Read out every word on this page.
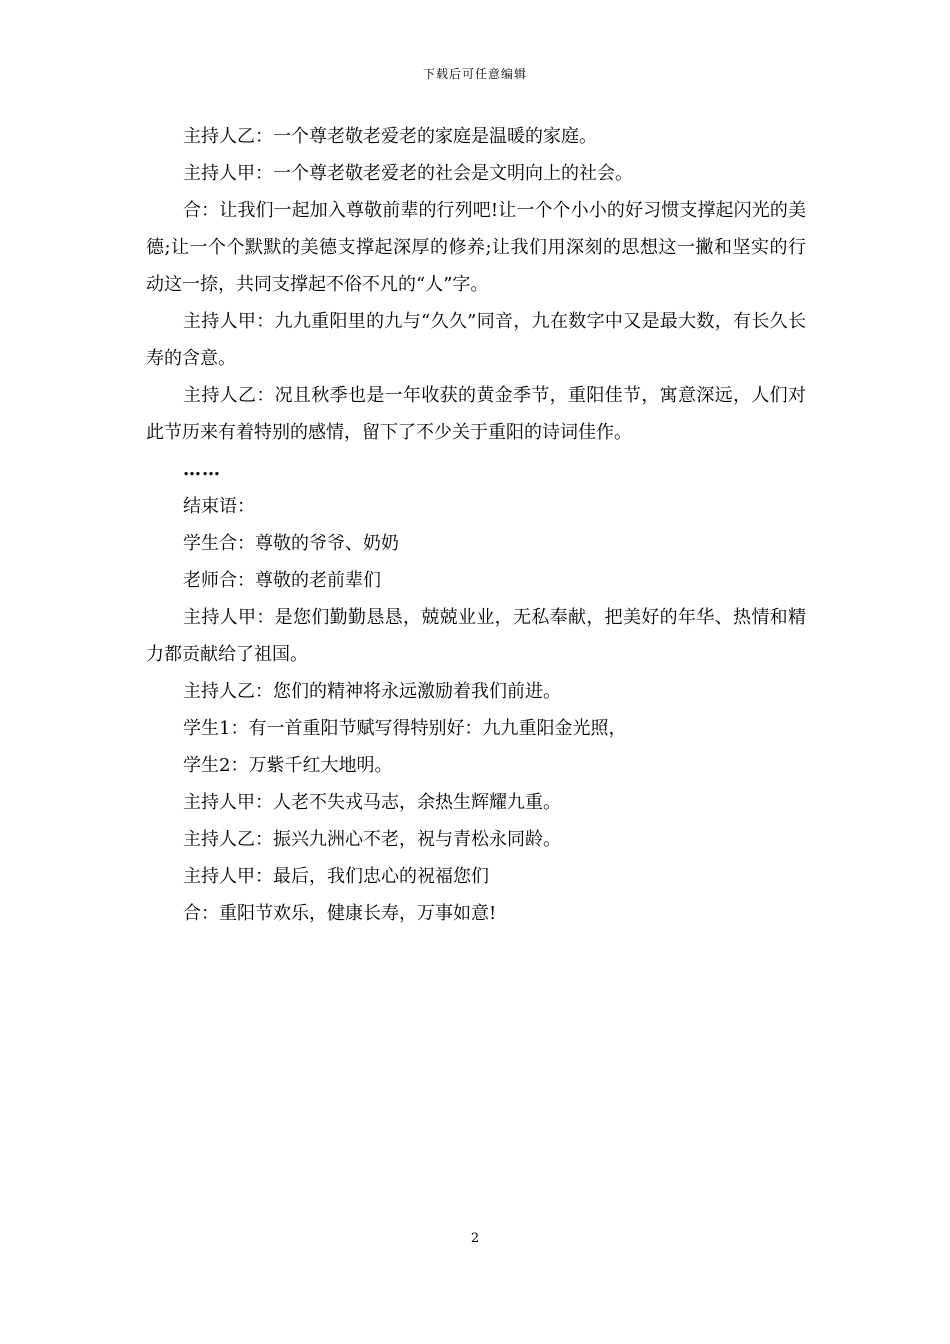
下载后可任意编辑

主持人乙：一个尊老敬老爱老的家庭是温暖的家庭。

主持人甲：一个尊老敬老爱老的社会是文明向上的社会。

合：让我们一起加入尊敬前辈的行列吧!让一个个小小的好习惯支撑起闪光的美德;让一个个默默的美德支撑起深厚的修养;让我们用深刻的思想这一撇和坚实的行动这一捺，共同支撑起不俗不凡的“人”字。

主持人甲：九九重阳里的九与“久久”同音，九在数字中又是最大数，有长久长寿的含意。

主持人乙：况且秋季也是一年收获的黄金季节，重阳佳节，寓意深远，人们对此节历来有着特别的感情，留下了不少关于重阳的诗词佳作。

……

结束语：

学生合：尊敬的爷爷、奶奶

老师合：尊敬的老前辈们

主持人甲：是您们勤勤恳恳，兢兢业业，无私奉献，把美好的年华、热情和精力都贡献给了祖国。

主持人乙：您们的精神将永远激励着我们前进。

学生1：有一首重阳节赋写得特别好：九九重阳金光照，

学生2：万紫千红大地明。

主持人甲：人老不失戎马志，余热生辉耀九重。

主持人乙：振兴九洲心不老，祝与青松永同龄。

主持人甲：最后，我们忠心的祝福您们

合：重阳节欢乐，健康长寿，万事如意!

2
